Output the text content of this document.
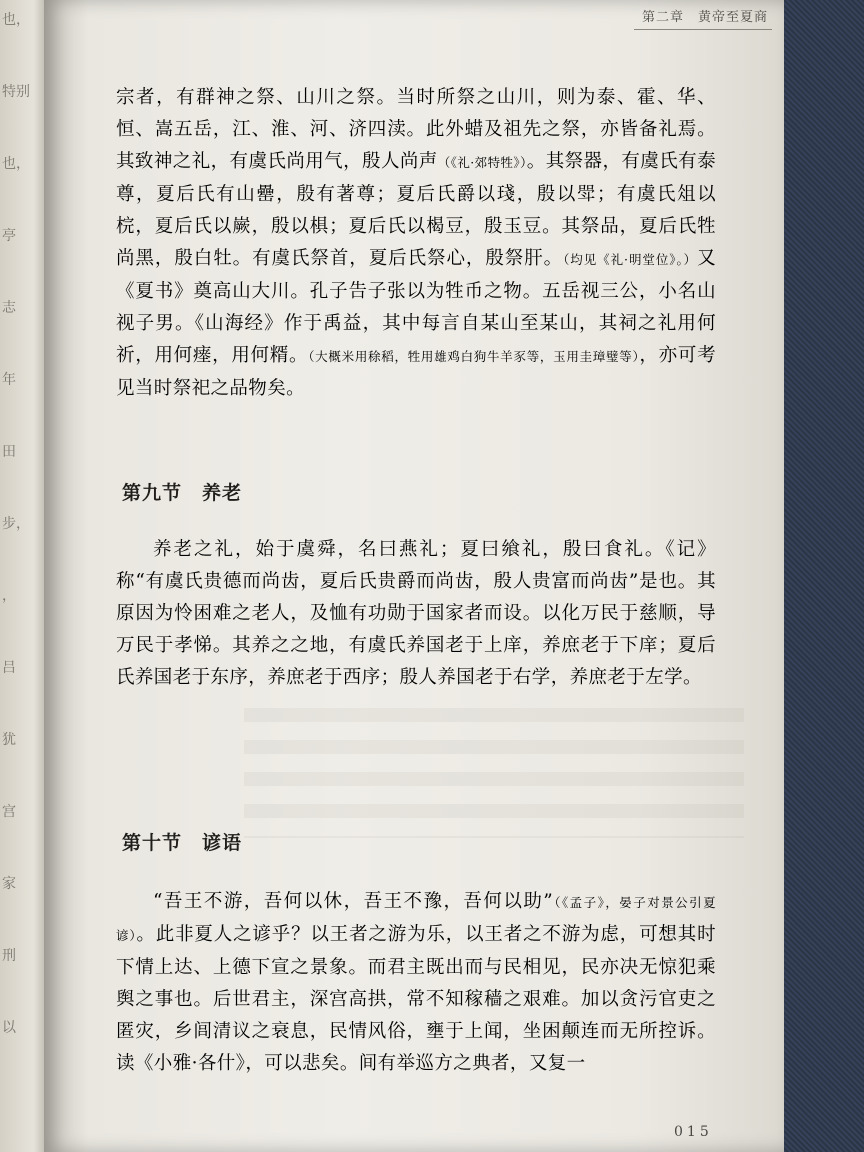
也，
特别
也，
亭
志
年
田
步，
，
吕
犹
宫
家
刑
以
第二章　黄帝至夏商

宗者，有群神之祭、山川之祭。当时所祭之山川，则为泰、霍、华、恒、嵩五岳，江、淮、河、济四渎。此外蜡及祖先之祭，亦皆备礼焉。其致神之礼，有虞氏尚用气，殷人尚声（《礼·郊特牲》）。其祭器，有虞氏有泰尊，夏后氏有山罍，殷有著尊；夏后氏爵以琖，殷以斝；有虞氏俎以梡，夏后氏以嶡，殷以椇；夏后氏以楬豆，殷玉豆。其祭品，夏后氏牲尚黑，殷白牡。有虞氏祭首，夏后氏祭心，殷祭肝。（均见《礼·明堂位》。）又《夏书》奠高山大川。孔子告子张以为牲币之物。五岳视三公，小名山视子男。《山海经》作于禹益，其中每言自某山至某山，其祠之礼用何祈，用何瘗，用何糈。（大概米用稌稻，牲用雄鸡白狗牛羊豕等，玉用圭璋璧等），亦可考见当时祭祀之品物矣。

第九节　养老

养老之礼，始于虞舜，名曰燕礼；夏曰飨礼，殷曰食礼。《记》称“有虞氏贵德而尚齿，夏后氏贵爵而尚齿，殷人贵富而尚齿”是也。其原因为怜困难之老人，及恤有功勋于国家者而设。以化万民于慈顺，导万民于孝悌。其养之之地，有虞氏养国老于上庠，养庶老于下庠；夏后氏养国老于东序，养庶老于西序；殷人养国老于右学，养庶老于左学。

第十节　谚语

“吾王不游，吾何以休，吾王不豫，吾何以助”（《孟子》，晏子对景公引夏谚）。此非夏人之谚乎？以王者之游为乐，以王者之不游为虑，可想其时下情上达、上德下宣之景象。而君主既出而与民相见，民亦决无惊犯乘舆之事也。后世君主，深宫高拱，常不知稼穑之艰难。加以贪污官吏之匿灾，乡闾清议之衰息，民情风俗，壅于上闻，坐困颠连而无所控诉。读《小雅·各什》，可以悲矣。间有举巡方之典者，又复一

015
